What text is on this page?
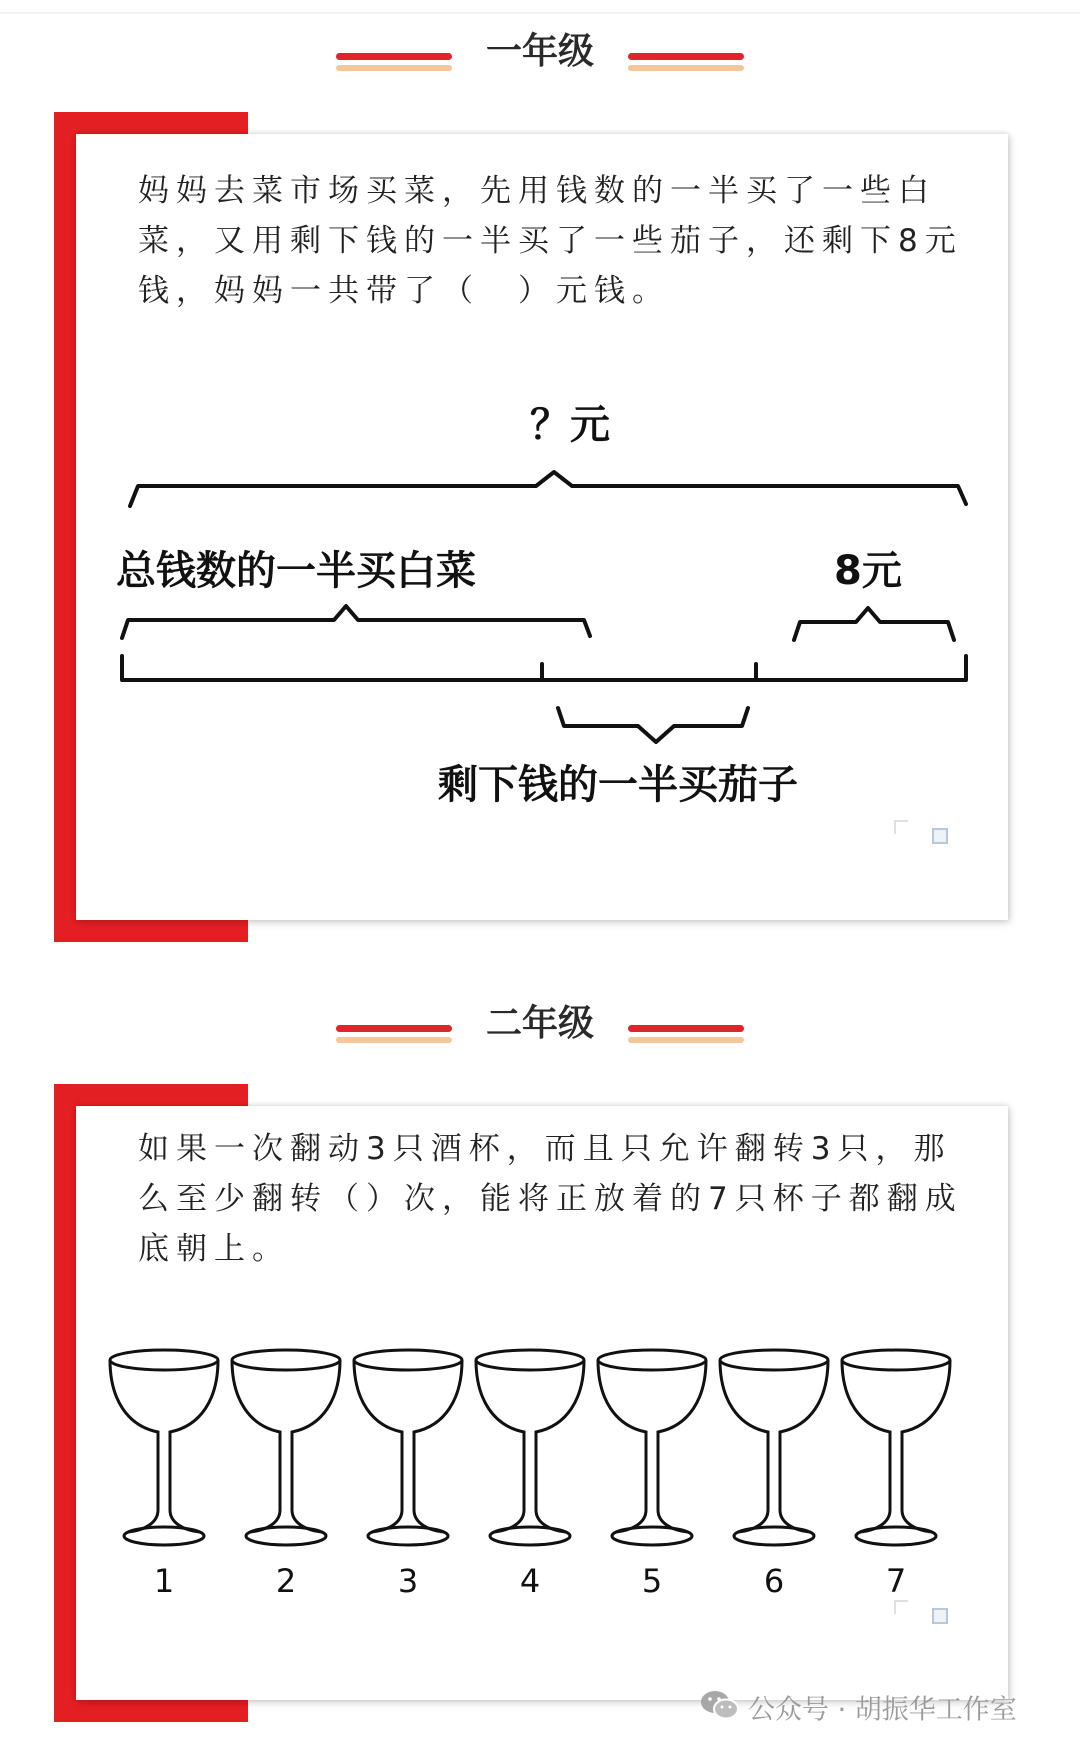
一年级
妈妈去菜市场买菜，先用钱数的一半买了一些白菜，又用剩下钱的一半买了一些茄子，还剩下8元钱，妈妈一共带了（　）元钱。
？元
总钱数的一半买白菜	8元
剩下钱的一半买茄子
二年级
如果一次翻动3只酒杯，而且只允许翻转3只，那么至少翻转（）次，能将正放着的7只杯子都翻成底朝上。
1	2	3	4	5	6	7
公众号 · 胡振华工作室
